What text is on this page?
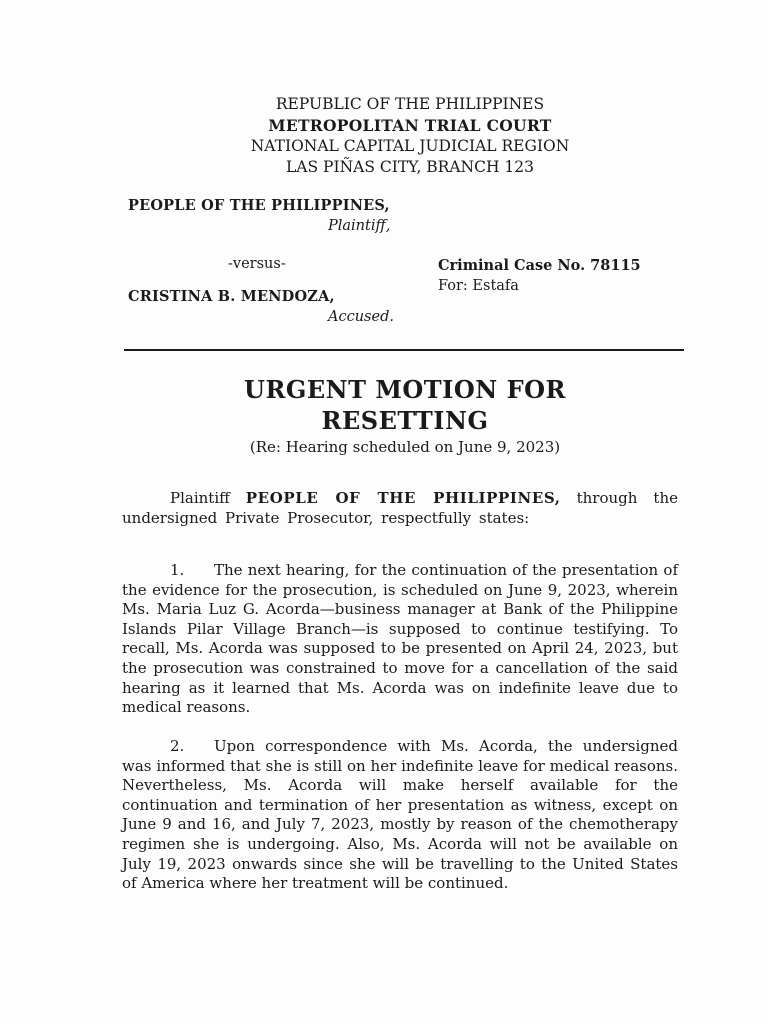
REPUBLIC OF THE PHILIPPINES
METROPOLITAN TRIAL COURT
NATIONAL CAPITAL JUDICIAL REGION
LAS PIÑAS CITY, BRANCH 123
PEOPLE OF THE PHILIPPINES,
Plaintiff,
-versus-
CRISTINA B. MENDOZA,
Accused.
Criminal Case No. 78115
For: Estafa
URGENT MOTION FOR
RESETTING
(Re: Hearing scheduled on June 9, 2023)
Plaintiff PEOPLE OF THE PHILIPPINES, through the undersigned Private Prosecutor, respectfully states:
1. The next hearing, for the continuation of the presentation of the evidence for the prosecution, is scheduled on June 9, 2023, wherein Ms. Maria Luz G. Acorda—business manager at Bank of the Philippine Islands Pilar Village Branch—is supposed to continue testifying. To recall, Ms. Acorda was supposed to be presented on April 24, 2023, but the prosecution was constrained to move for a cancellation of the said hearing as it learned that Ms. Acorda was on indefinite leave due to medical reasons.
2. Upon correspondence with Ms. Acorda, the undersigned was informed that she is still on her indefinite leave for medical reasons. Nevertheless, Ms. Acorda will make herself available for the continuation and termination of her presentation as witness, except on June 9 and 16, and July 7, 2023, mostly by reason of the chemotherapy regimen she is undergoing. Also, Ms. Acorda will not be available on July 19, 2023 onwards since she will be travelling to the United States of America where her treatment will be continued.
